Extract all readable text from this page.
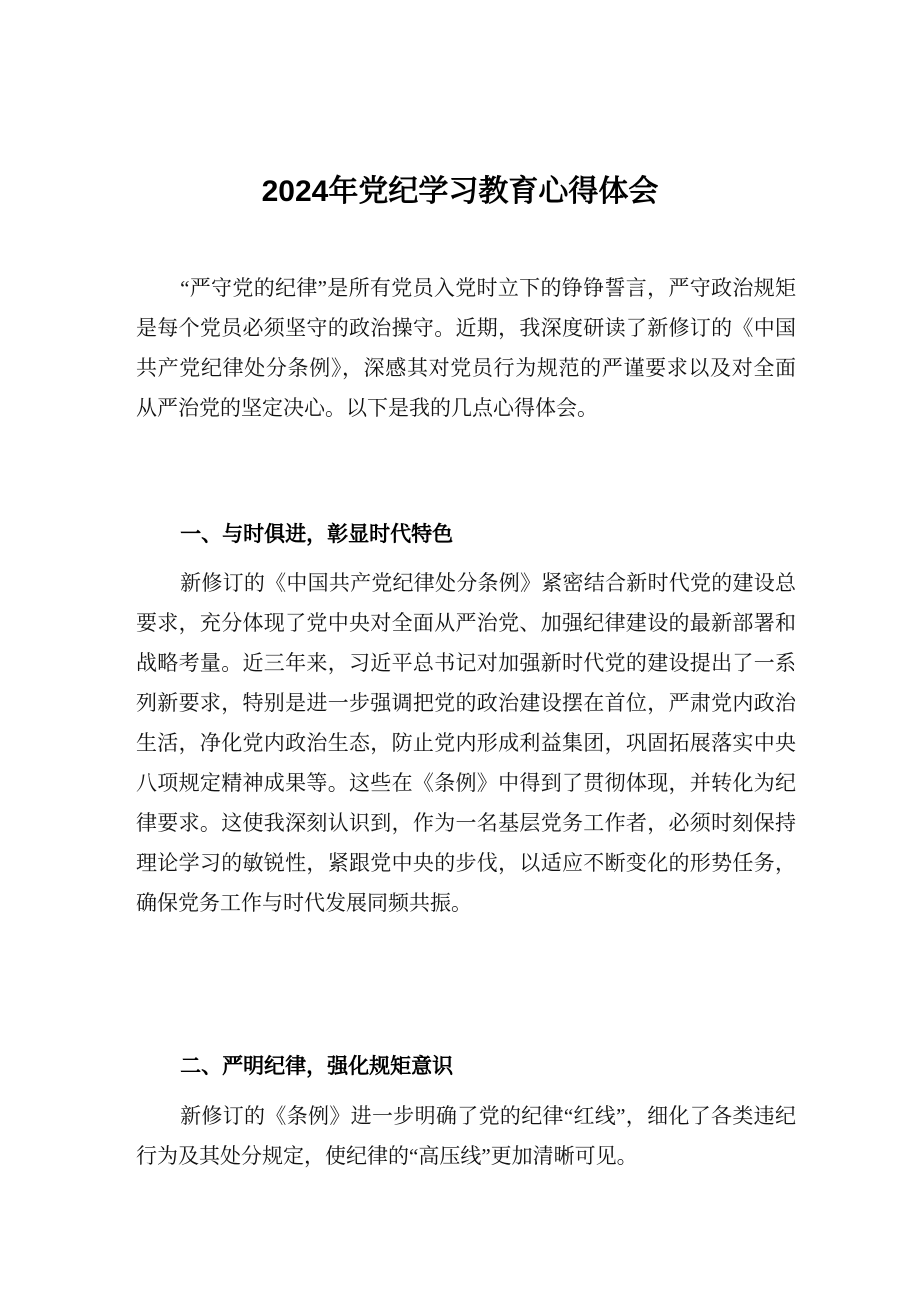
2024年党纪学习教育心得体会
“严守党的纪律”是所有党员入党时立下的铮铮誓言，严守政治规矩是每个党员必须坚守的政治操守。近期，我深度研读了新修订的《中国共产党纪律处分条例》，深感其对党员行为规范的严谨要求以及对全面从严治党的坚定决心。以下是我的几点心得体会。
一、与时俱进，彰显时代特色
新修订的《中国共产党纪律处分条例》紧密结合新时代党的建设总要求，充分体现了党中央对全面从严治党、加强纪律建设的最新部署和战略考量。近三年来，习近平总书记对加强新时代党的建设提出了一系列新要求，特别是进一步强调把党的政治建设摆在首位，严肃党内政治生活，净化党内政治生态，防止党内形成利益集团，巩固拓展落实中央八项规定精神成果等。这些在《条例》中得到了贯彻体现，并转化为纪律要求。这使我深刻认识到，作为一名基层党务工作者，必须时刻保持理论学习的敏锐性，紧跟党中央的步伐，以适应不断变化的形势任务，确保党务工作与时代发展同频共振。
二、严明纪律，强化规矩意识
新修订的《条例》进一步明确了党的纪律“红线”，细化了各类违纪行为及其处分规定，使纪律的“高压线”更加清晰可见。
